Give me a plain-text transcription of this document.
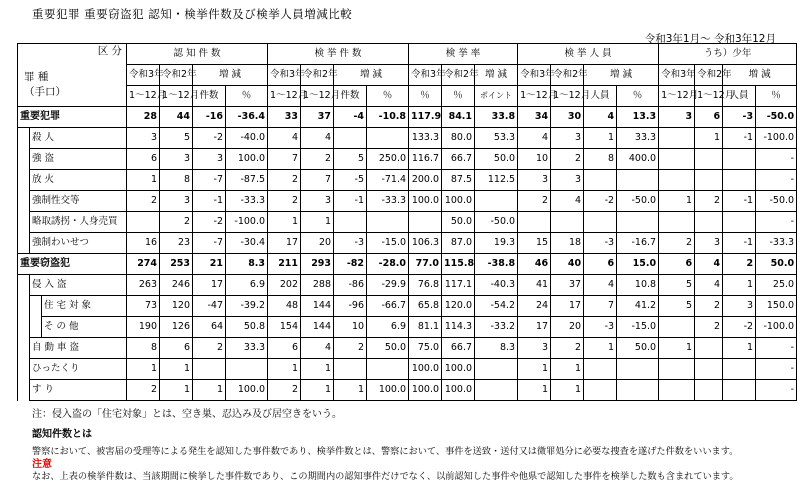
重要犯罪 重要窃盗犯 認知・検挙件数及び検挙人員増減比較
令和3年1月～ 令和3年12月
区 分
罪 種
（手口）			認 知 件 数				検 挙 件 数				検 挙 率			検 挙 人 員				うち）少年			
			令和3年	令和2年	増 減		令和3年	令和2年	増 減		令和3年	令和2年	増 減	令和3年	令和2年	増 減		令和3年	令和2年	増 減	
			1～12月	1～12月	件数	％	1～12月	1～12月	件数	％	％	％	ポイント	1～12月	1～12月	人員	％	1～12月	1～12月	人員	％
重要犯罪			28	44	-16	-36.4	33	37	-4	-10.8	117.9	84.1	33.8	34	30	4	13.3	3	6	-3	-50.0
	殺 人		3	5	-2	-40.0	4	4			133.3	80.0	53.3	4	3	1	33.3		1	-1	-100.0
	強 盗		6	3	3	100.0	7	2	5	250.0	116.7	66.7	50.0	10	2	8	400.0				-
	放 火		1	8	-7	-87.5	2	7	-5	-71.4	200.0	87.5	112.5	3	3						-
	強制性交等		2	3	-1	-33.3	2	3	-1	-33.3	100.0	100.0		2	4	-2	-50.0	1	2	-1	-50.0
	略取誘拐・人身売買			2	-2	-100.0	1	1				50.0	-50.0								-
	強制わいせつ		16	23	-7	-30.4	17	20	-3	-15.0	106.3	87.0	19.3	15	18	-3	-16.7	2	3	-1	-33.3
重要窃盗犯			274	253	21	8.3	211	293	-82	-28.0	77.0	115.8	-38.8	46	40	6	15.0	6	4	2	50.0
	侵 入 盗		263	246	17	6.9	202	288	-86	-29.9	76.8	117.1	-40.3	41	37	4	10.8	5	4	1	25.0
		住 宅 対 象	73	120	-47	-39.2	48	144	-96	-66.7	65.8	120.0	-54.2	24	17	7	41.2	5	2	3	150.0
		そ の 他	190	126	64	50.8	154	144	10	6.9	81.1	114.3	-33.2	17	20	-3	-15.0		2	-2	-100.0
	自 動 車 盗		8	6	2	33.3	6	4	2	50.0	75.0	66.7	8.3	3	2	1	50.0	1		1	-
	ひったくり		1	1			1	1			100.0	100.0		1	1						-
	す り		2	1	1	100.0	2	1	1	100.0	100.0	100.0		1	1						-

注：侵入盗の「住宅対象」とは、空き巣、忍込み及び居空きをいう。

認知件数とは

警察において、被害届の受理等による発生を認知した事件数であり、検挙件数とは、警察において、事件を送致・送付又は微罪処分に必要な捜査を遂げた件数をいいます。

注意

なお、上表の検挙件数は、当該期間に検挙した事件数であり、この期間内の認知事件だけでなく、以前認知した事件や他県で認知した事件を検挙した数も含まれています。
